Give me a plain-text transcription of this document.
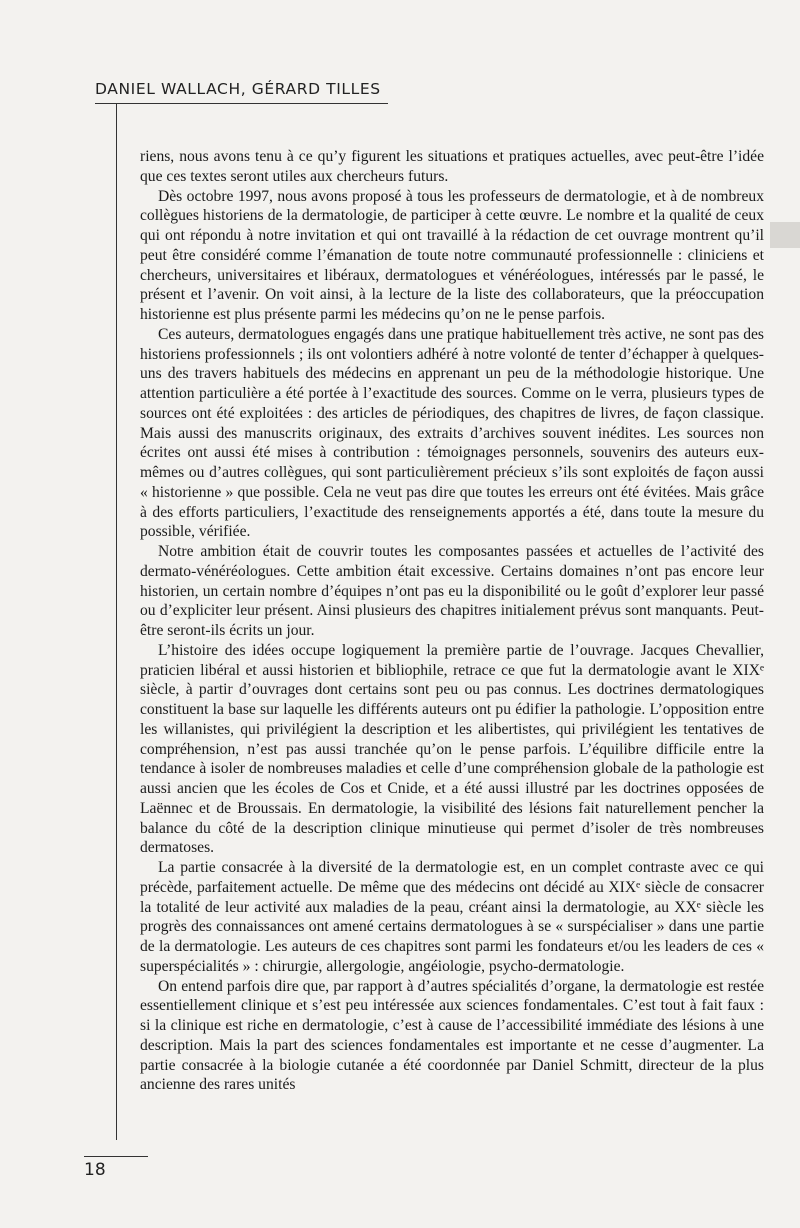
DANIEL WALLACH, GÉRARD TILLES

riens, nous avons tenu à ce qu’y figurent les situations et pratiques actuelles, avec peut-être l’idée que ces textes seront utiles aux chercheurs futurs.

Dès octobre 1997, nous avons proposé à tous les professeurs de dermatologie, et à de nombreux collègues historiens de la dermatologie, de participer à cette œuvre. Le nombre et la qualité de ceux qui ont répondu à notre invitation et qui ont travaillé à la rédaction de cet ouvrage montrent qu’il peut être considéré comme l’émanation de toute notre communauté professionnelle : cliniciens et chercheurs, universitaires et libéraux, dermatologues et vénéréologues, intéressés par le passé, le présent et l’avenir. On voit ainsi, à la lecture de la liste des collaborateurs, que la préoccupation historienne est plus présente parmi les médecins qu’on ne le pense parfois.

Ces auteurs, dermatologues engagés dans une pratique habituellement très active, ne sont pas des historiens professionnels ; ils ont volontiers adhéré à notre volonté de tenter d’échapper à quelques-uns des travers habituels des médecins en apprenant un peu de la méthodologie historique. Une attention particulière a été portée à l’exactitude des sources. Comme on le verra, plusieurs types de sources ont été exploitées : des articles de périodiques, des chapitres de livres, de façon classique. Mais aussi des manuscrits originaux, des extraits d’archives souvent inédites. Les sources non écrites ont aussi été mises à contribution : témoignages personnels, souvenirs des auteurs eux-mêmes ou d’autres collègues, qui sont particulièrement précieux s’ils sont exploités de façon aussi « historienne » que possible. Cela ne veut pas dire que toutes les erreurs ont été évitées. Mais grâce à des efforts particuliers, l’exactitude des renseignements apportés a été, dans toute la mesure du possible, vérifiée.

Notre ambition était de couvrir toutes les composantes passées et actuelles de l’activité des dermato-vénéréologues. Cette ambition était excessive. Certains domaines n’ont pas encore leur historien, un certain nombre d’équipes n’ont pas eu la disponibilité ou le goût d’explorer leur passé ou d’expliciter leur présent. Ainsi plusieurs des chapitres initialement prévus sont manquants. Peut-être seront-ils écrits un jour.

L’histoire des idées occupe logiquement la première partie de l’ouvrage. Jacques Chevallier, praticien libéral et aussi historien et bibliophile, retrace ce que fut la dermatologie avant le XIXᵉ siècle, à partir d’ouvrages dont certains sont peu ou pas connus. Les doctrines dermatologiques constituent la base sur laquelle les différents auteurs ont pu édifier la pathologie. L’opposition entre les willanistes, qui privilégient la description et les alibertistes, qui privilégient les tentatives de compréhension, n’est pas aussi tranchée qu’on le pense parfois. L’équilibre difficile entre la tendance à isoler de nombreuses maladies et celle d’une compréhension globale de la pathologie est aussi ancien que les écoles de Cos et Cnide, et a été aussi illustré par les doctrines opposées de Laënnec et de Broussais. En dermatologie, la visibilité des lésions fait naturellement pencher la balance du côté de la description clinique minutieuse qui permet d’isoler de très nombreuses dermatoses.

La partie consacrée à la diversité de la dermatologie est, en un complet contraste avec ce qui précède, parfaitement actuelle. De même que des médecins ont décidé au XIXᵉ siècle de consacrer la totalité de leur activité aux maladies de la peau, créant ainsi la dermatologie, au XXᵉ siècle les progrès des connaissances ont amené certains dermatologues à se « surspécialiser » dans une partie de la dermatologie. Les auteurs de ces chapitres sont parmi les fondateurs et/ou les leaders de ces « superspécialités » : chirurgie, allergologie, angéiologie, psycho-dermatologie.

On entend parfois dire que, par rapport à d’autres spécialités d’organe, la dermatologie est restée essentiellement clinique et s’est peu intéressée aux sciences fondamentales. C’est tout à fait faux : si la clinique est riche en dermatologie, c’est à cause de l’accessibilité immédiate des lésions à une description. Mais la part des sciences fondamentales est importante et ne cesse d’augmenter. La partie consacrée à la biologie cutanée a été coordonnée par Daniel Schmitt, directeur de la plus ancienne des rares unités

18
